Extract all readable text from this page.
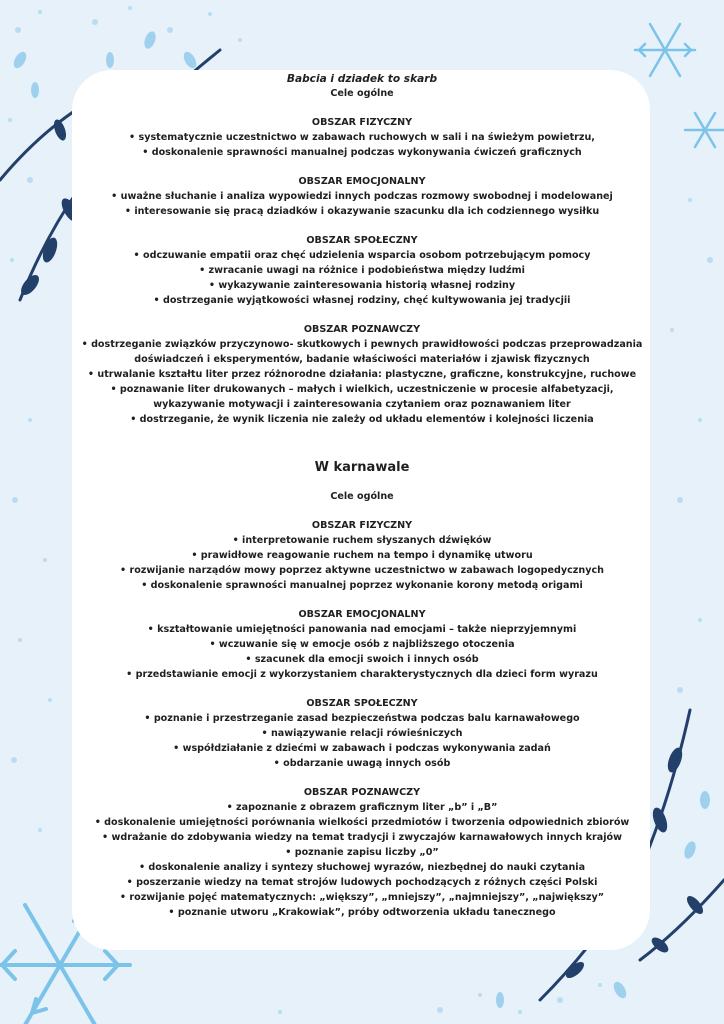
Babcia i dziadek to skarb

Cele ogólne

OBSZAR FIZYCZNY

• systematycznie uczestnictwo w zabawach ruchowych w sali i na świeżym powietrzu,

• doskonalenie sprawności manualnej podczas wykonywania ćwiczeń graficznych

OBSZAR EMOCJONALNY

• uważne słuchanie i analiza wypowiedzi innych podczas rozmowy swobodnej i modelowanej

• interesowanie się pracą dziadków i okazywanie szacunku dla ich codziennego wysiłku

OBSZAR SPOŁECZNY

• odczuwanie empatii oraz chęć udzielenia wsparcia osobom potrzebującym pomocy

• zwracanie uwagi na różnice i podobieństwa między ludźmi

• wykazywanie zainteresowania historią własnej rodziny

• dostrzeganie wyjątkowości własnej rodziny, chęć kultywowania jej tradycjii

OBSZAR POZNAWCZY

• dostrzeganie związków przyczynowo- skutkowych i pewnych prawidłowości podczas przeprowadzania

doświadczeń i eksperymentów, badanie właściwości materiałów i zjawisk fizycznych

• utrwalanie kształtu liter przez różnorodne działania: plastyczne, graficzne, konstrukcyjne, ruchowe

• poznawanie liter drukowanych – małych i wielkich, uczestniczenie w procesie alfabetyzacji,

wykazywanie motywacji i zainteresowania czytaniem oraz poznawaniem liter

• dostrzeganie, że wynik liczenia nie zależy od układu elementów i kolejności liczenia

W karnawale

Cele ogólne

OBSZAR FIZYCZNY

• interpretowanie ruchem słyszanych dźwięków

• prawidłowe reagowanie ruchem na tempo i dynamikę utworu

• rozwijanie narządów mowy poprzez aktywne uczestnictwo w zabawach logopedycznych

• doskonalenie sprawności manualnej poprzez wykonanie korony metodą origami

OBSZAR EMOCJONALNY

• kształtowanie umiejętności panowania nad emocjami – także nieprzyjemnymi

• wczuwanie się w emocje osób z najbliższego otoczenia

• szacunek dla emocji swoich i innych osób

• przedstawianie emocji z wykorzystaniem charakterystycznych dla dzieci form wyrazu

OBSZAR SPOŁECZNY

• poznanie i przestrzeganie zasad bezpieczeństwa podczas balu karnawałowego

• nawiązywanie relacji rówieśniczych

• współdziałanie z dziećmi w zabawach i podczas wykonywania zadań

• obdarzanie uwagą innych osób

OBSZAR POZNAWCZY

• zapoznanie z obrazem graficznym liter „b” i „B”

• doskonalenie umiejętności porównania wielkości przedmiotów i tworzenia odpowiednich zbiorów

• wdrażanie do zdobywania wiedzy na temat tradycji i zwyczajów karnawałowych innych krajów

• poznanie zapisu liczby „0”

• doskonalenie analizy i syntezy słuchowej wyrazów, niezbędnej do nauki czytania

• poszerzanie wiedzy na temat strojów ludowych pochodzących z różnych części Polski

• rozwijanie pojęć matematycznych: „większy”, „mniejszy”, „najmniejszy”, „największy”

• poznanie utworu „Krakowiak”, próby odtworzenia układu tanecznego
